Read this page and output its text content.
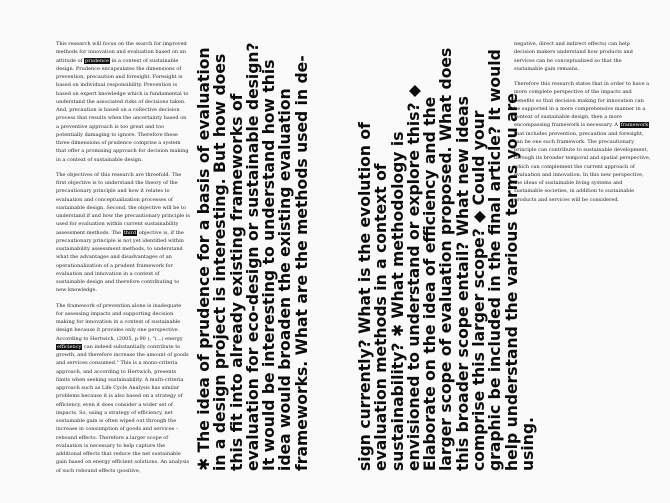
This research will focus on the search for improved methods for innovation and evaluation based on an attitude of prudence in a context of sustainable design. Prudence encapsulates the dimensions of prevention, precaution and foresight. Foresight is based on individual responsibility. Prevention is based on expert knowledge which is fundamental to understand the associated risks of decisions taken. And, precaution is based on a collective decision process that results when the uncertainty based on a preventive approach is too great and too potentially damaging to ignore. Therefore these three dimensions of prudence comprise a system that offer a promising approach for decision making in a context of sustainable design.

The objectives of this research are threefold. The first objective is to understand the theory of the precautionary principle and how it relates to evaluation and conceptualization processes of sustainable design. Second, the objective will be to understand if and how the precautionary principle is used for evaluation within current sustainability assessment methods. The third objective is, if the precautionary principle is not yet identified within sustainability assessment methods, to understand what the advantages and disadvantages of an operationalization of a prudent framework for evaluation and innovation in a context of sustainable design and therefore contributing to new knowledge.

The framework of prevention alone is inadequate for assessing impacts and supporting decision making for innovation in a context of sustainable design because it provides only one perspective. According to Hertwich, (2005, p.90 ), "(...) energy efficiency can indeed substantially contribute to growth, and therefore increase the amount of goods and services consumed." This is a mono-criteria approach, and according to Hertwich, presents limits when seeking sustainability. A multi-criteria approach such as Life Cycle Analysis has similar problems because it is also based on a strategy of efficiency, even it does consider a wider set of impacts. So, using a strategy of efficiency, net sustainable gain is often wiped out through the increase in consumption of goods and services – rebound effects. Therefore a larger scope of evaluation is necessary to help capture the additional effects that reduce the net sustainable gain based on energy efficient solutions. An analysis of such rebound effects (positive,	✱ The idea of prudence for a basis of evaluation in a design project is interesting. But how does this fit into already existing frameworks of evaluation for eco-design or sustainable design? It would be interesting to understand how this idea would broaden the existing evaluation frameworks. What are the methods used in de-	sign currently? What is the evolution of evaluation methods in a context of sustainability? ✱ What methodology is envisioned to understand or explore this? ◆ Elaborate on the idea of efficiency and the larger scope of evaluation proposed. What does this broader scope entail? What new ideas comprise this larger scope? ◆ Could your graphic be included in the final article? It would help understand the various terms you are using.

negative, direct and indirect effects) can help decision makers understand how products and services can be conceptualized so that the sustainable gain remains.

Therefore this research states that in order to have a more complete perspective of the impacts and benefits so that decision making for innovation can be supported in a more comprehensive manner in a context of sustainable design, then a more encompassing framework is necessary. A framework that includes prevention, precaution and foresight, can be one such framework. The precautionary principle can contribute to sustainable development, through its broader temporal and spatial perspective, which can complement the current approach of evaluation and innovation. In this new perspective, the ideas of sustainable living systems and sustainable societies, in addition to sustainable products and services will be considered.
